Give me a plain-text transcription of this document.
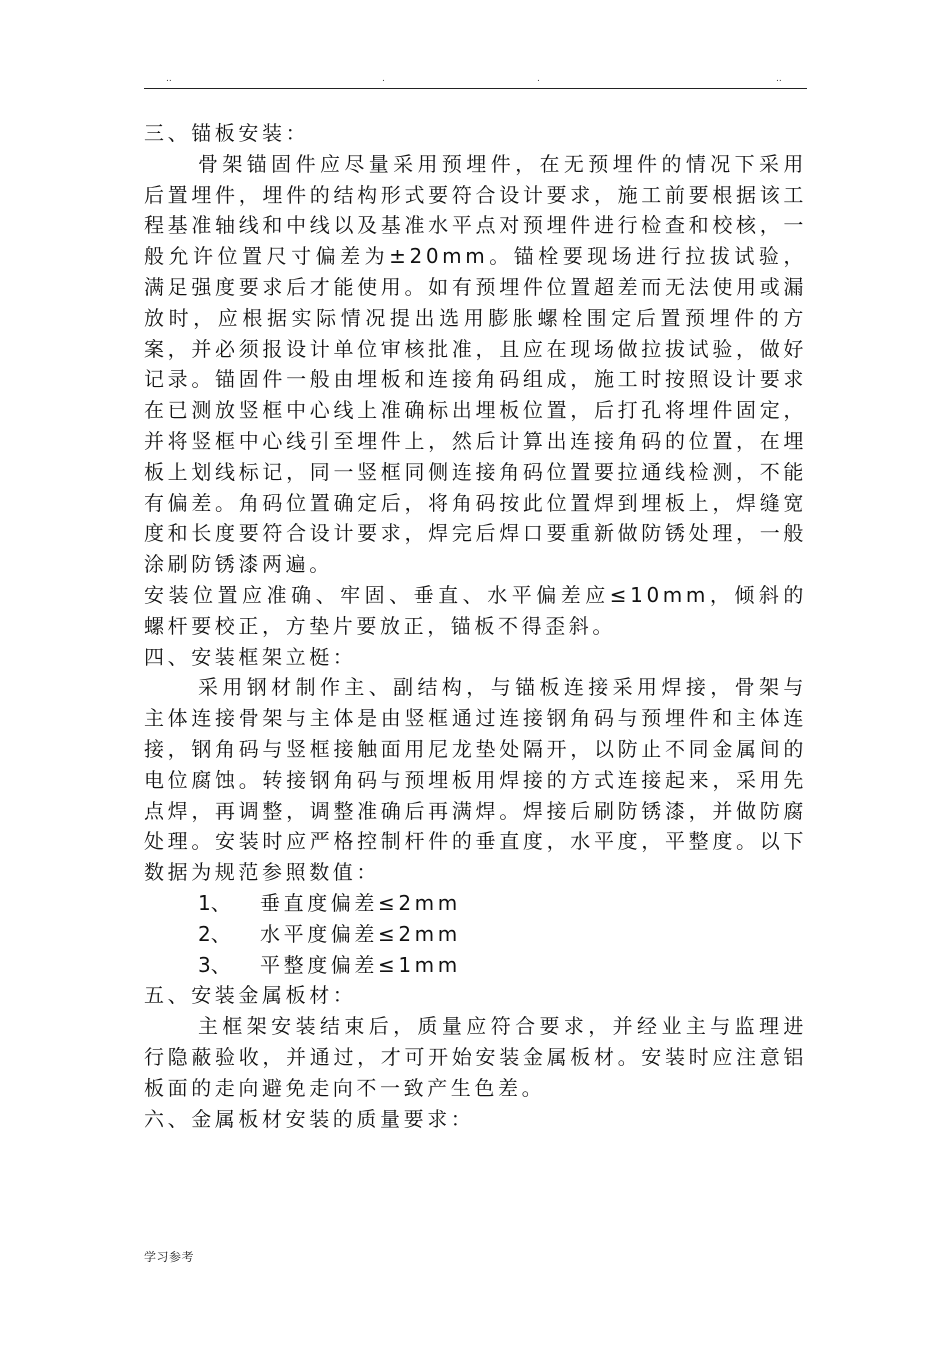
..	.	.	..

三、锚板安装：

骨架锚固件应尽量采用预埋件，在无预埋件的情况下采用后置埋件，埋件的结构形式要符合设计要求，施工前要根据该工程基准轴线和中线以及基准水平点对预埋件进行检查和校核，一般允许位置尺寸偏差为±20mm。锚栓要现场进行拉拔试验，满足强度要求后才能使用。如有预埋件位置超差而无法使用或漏放时，应根据实际情况提出选用膨胀螺栓围定后置预埋件的方案，并必须报设计单位审核批准，且应在现场做拉拔试验，做好记录。锚固件一般由埋板和连接角码组成，施工时按照设计要求在已测放竖框中心线上准确标出埋板位置，后打孔将埋件固定，并将竖框中心线引至埋件上，然后计算出连接角码的位置，在埋板上划线标记，同一竖框同侧连接角码位置要拉通线检测，不能有偏差。角码位置确定后，将角码按此位置焊到埋板上，焊缝宽度和长度要符合设计要求，焊完后焊口要重新做防锈处理，一般涂刷防锈漆两遍。

安装位置应准确、牢固、垂直、水平偏差应≤10mm，倾斜的螺杆要校正，方垫片要放正，锚板不得歪斜。

四、安装框架立梃：

采用钢材制作主、副结构，与锚板连接采用焊接，骨架与主体连接骨架与主体是由竖框通过连接钢角码与预埋件和主体连接，钢角码与竖框接触面用尼龙垫处隔开，以防止不同金属间的电位腐蚀。转接钢角码与预埋板用焊接的方式连接起来，采用先点焊，再调整，调整准确后再满焊。焊接后刷防锈漆，并做防腐处理。安装时应严格控制杆件的垂直度，水平度，平整度。以下数据为规范参照数值：

1、 垂直度偏差≤2mm

2、 水平度偏差≤2mm

3、 平整度偏差≤1mm

五、安装金属板材：

主框架安装结束后，质量应符合要求，并经业主与监理进行隐蔽验收，并通过，才可开始安装金属板材。安装时应注意铝板面的走向避免走向不一致产生色差。

六、金属板材安装的质量要求：

学习参考
